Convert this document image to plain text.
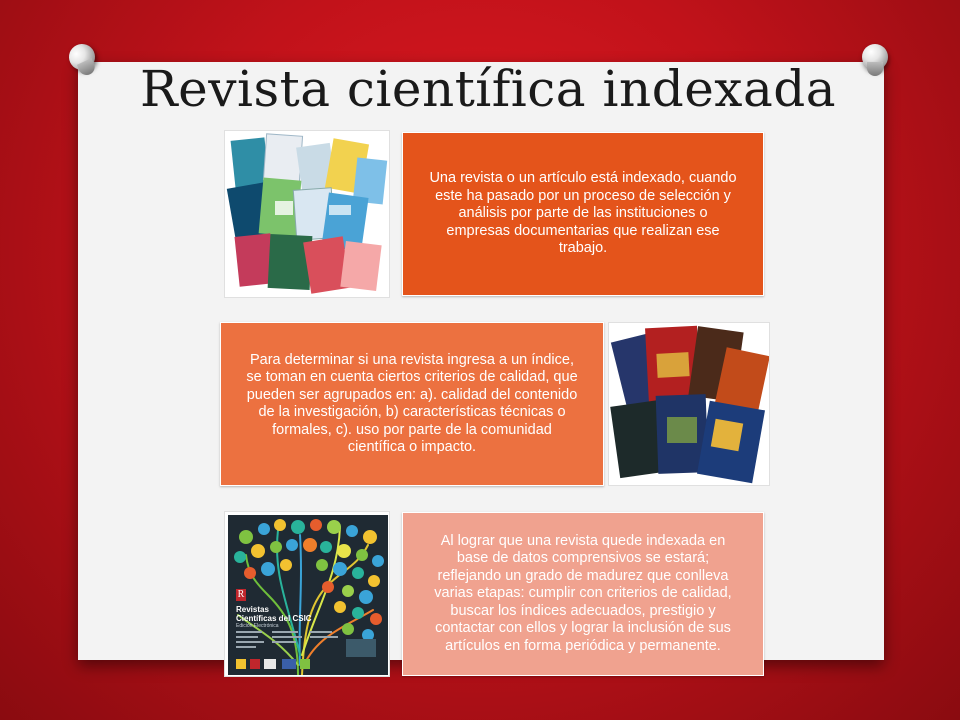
Revista científica indexada
Una revista o un artículo está indexado, cuando este ha pasado por un proceso de selección y análisis por parte de las instituciones o empresas documentarias que realizan ese trabajo.
Para determinar si una revista ingresa a un índice, se toman en cuenta ciertos criterios de calidad, que pueden ser agrupados en: a). calidad del contenido de la investigación, b) características técnicas o formales, c). uso por parte de la comunidad científica o impacto.
R
Revistas
Científicas del CSIC
Edición Electrónica
Al lograr que una revista quede indexada en base de datos comprensivos se estará; reflejando un grado de madurez que conlleva varias etapas: cumplir con criterios de calidad, buscar los índices adecuados, prestigio y contactar con ellos y lograr la inclusión de sus artículos en forma periódica y permanente.
